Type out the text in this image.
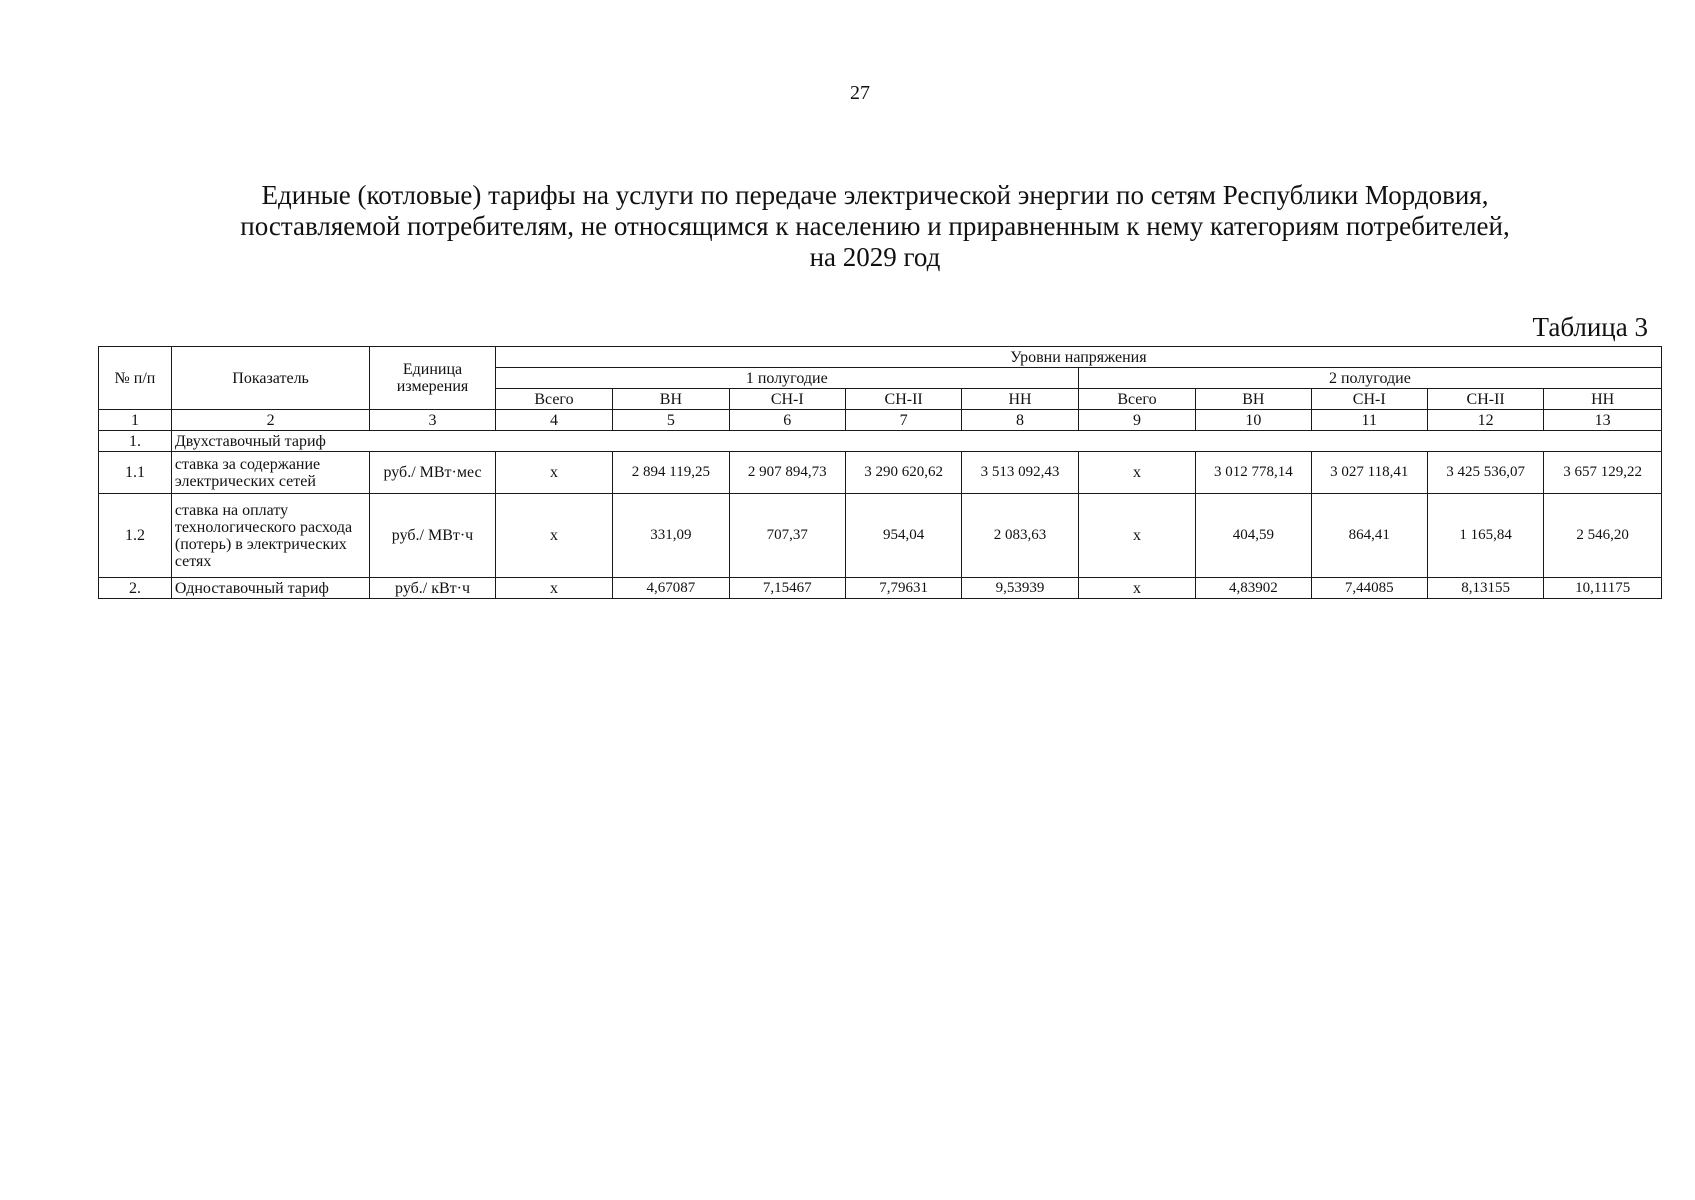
27
Единые (котловые) тарифы на услуги по передаче электрической энергии по сетям Республики Мордовия,
поставляемой потребителям, не относящимся к населению и приравненным к нему категориям потребителей,
на 2029 год
Таблица 3
№ п/п	Показатель	Единица измерения	Уровни напряжения									
			1 полугодие					2 полугодие				
			Всего	ВН	СН-I	СН-II	НН	Всего	ВН	СН-I	СН-II	НН
1	2	3	4	5	6	7	8	9	10	11	12	13
1.	Двухставочный тариф											
1.1	ставка за содержание электрических сетей	руб./ МВт·мес	х	2 894 119,25	2 907 894,73	3 290 620,62	3 513 092,43	х	3 012 778,14	3 027 118,41	3 425 536,07	3 657 129,22
1.2	ставка на оплату технологического расхода (потерь) в электрических сетях	руб./ МВт·ч	х	331,09	707,37	954,04	2 083,63	х	404,59	864,41	1 165,84	2 546,20
2.	Одноставочный тариф	руб./ кВт·ч	х	4,67087	7,15467	7,79631	9,53939	х	4,83902	7,44085	8,13155	10,11175
